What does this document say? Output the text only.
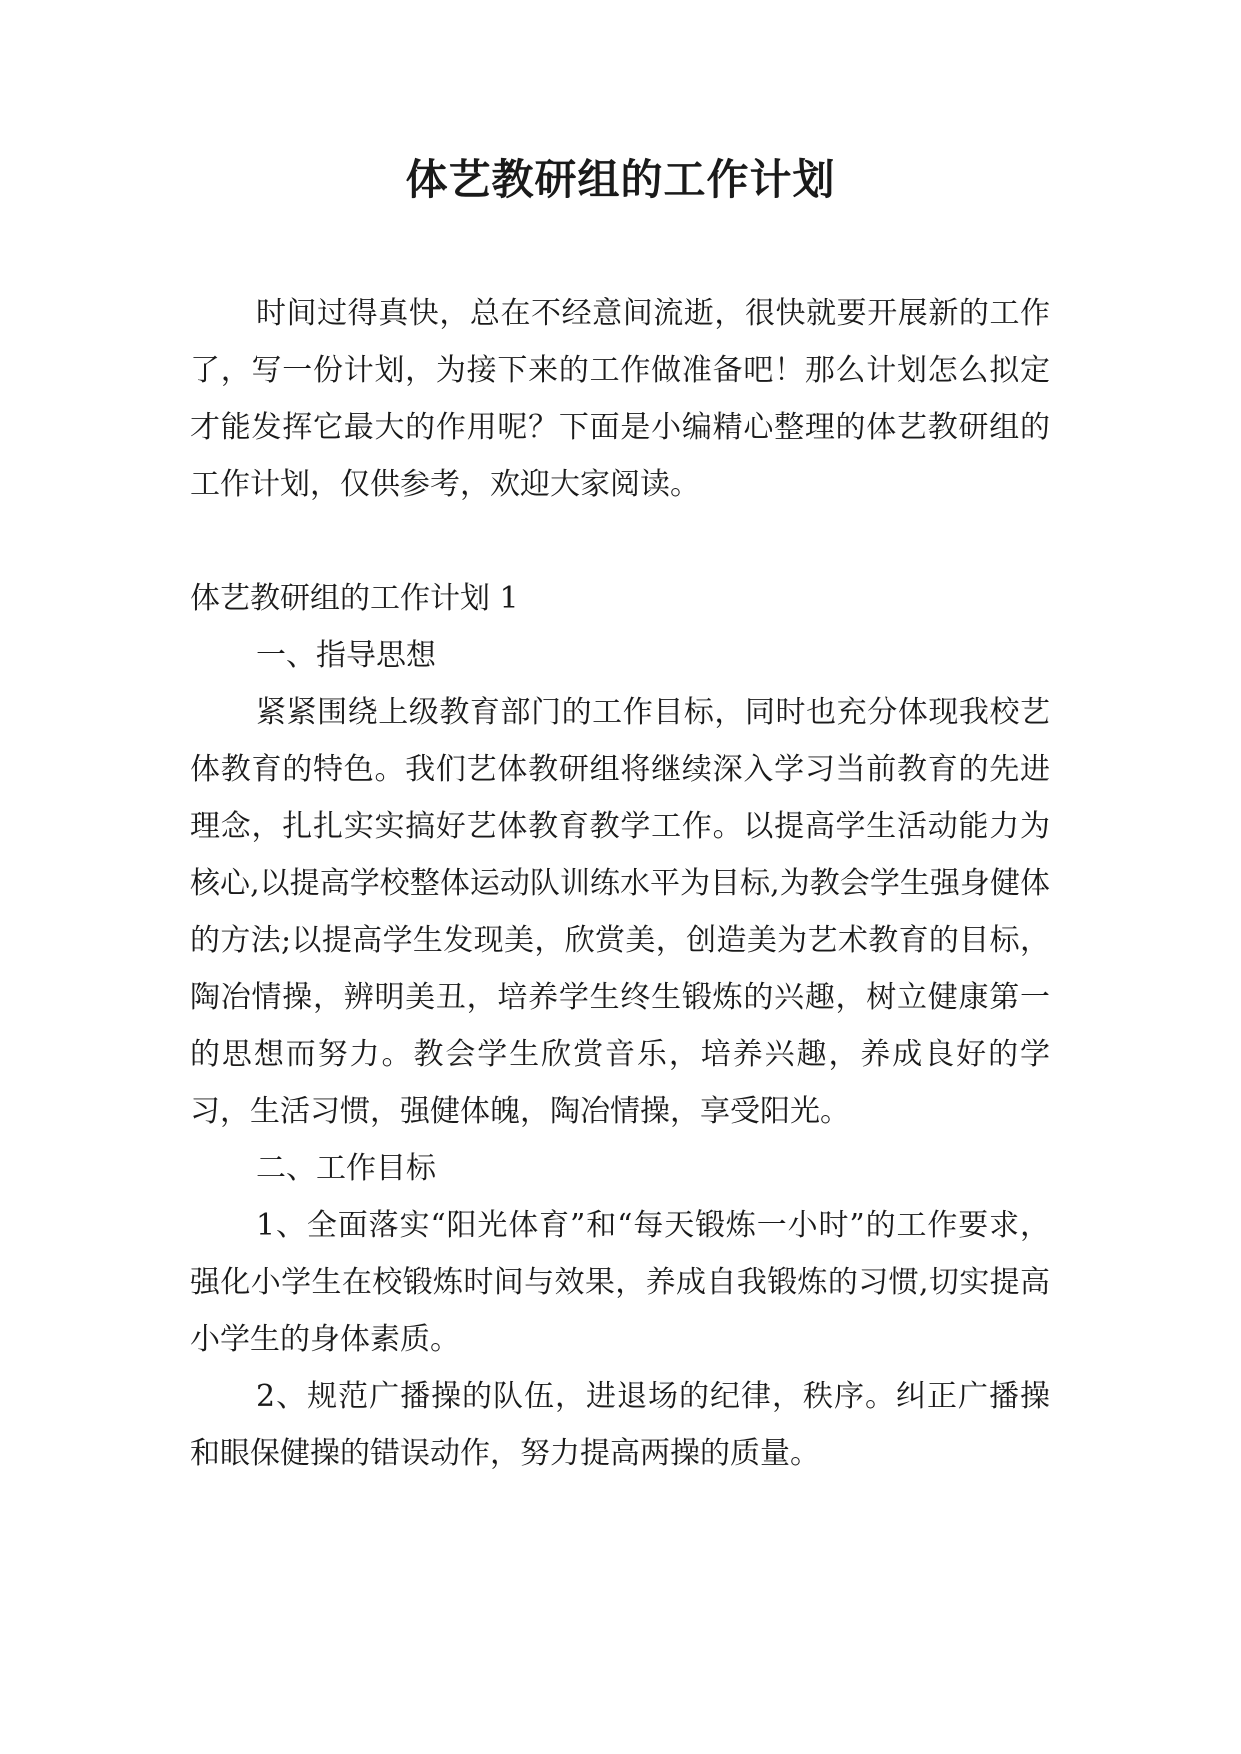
体艺教研组的工作计划

时间过得真快，总在不经意间流逝，很快就要开展新的工作了，写一份计划，为接下来的工作做准备吧！那么计划怎么拟定才能发挥它最大的作用呢？下面是小编精心整理的体艺教研组的工作计划，仅供参考，欢迎大家阅读。

体艺教研组的工作计划 1

一、指导思想

紧紧围绕上级教育部门的工作目标，同时也充分体现我校艺体教育的特色。我们艺体教研组将继续深入学习当前教育的先进理念，扎扎实实搞好艺体教育教学工作。以提高学生活动能力为核心,以提高学校整体运动队训练水平为目标,为教会学生强身健体的方法;以提高学生发现美，欣赏美，创造美为艺术教育的目标，陶冶情操，辨明美丑，培养学生终生锻炼的兴趣，树立健康第一的思想而努力。教会学生欣赏音乐，培养兴趣，养成良好的学习，生活习惯，强健体魄，陶冶情操，享受阳光。

二、工作目标

1、全面落实“阳光体育”和“每天锻炼一小时”的工作要求，强化小学生在校锻炼时间与效果，养成自我锻炼的习惯,切实提高小学生的身体素质。

2、规范广播操的队伍，进退场的纪律，秩序。纠正广播操和眼保健操的错误动作，努力提高两操的质量。
